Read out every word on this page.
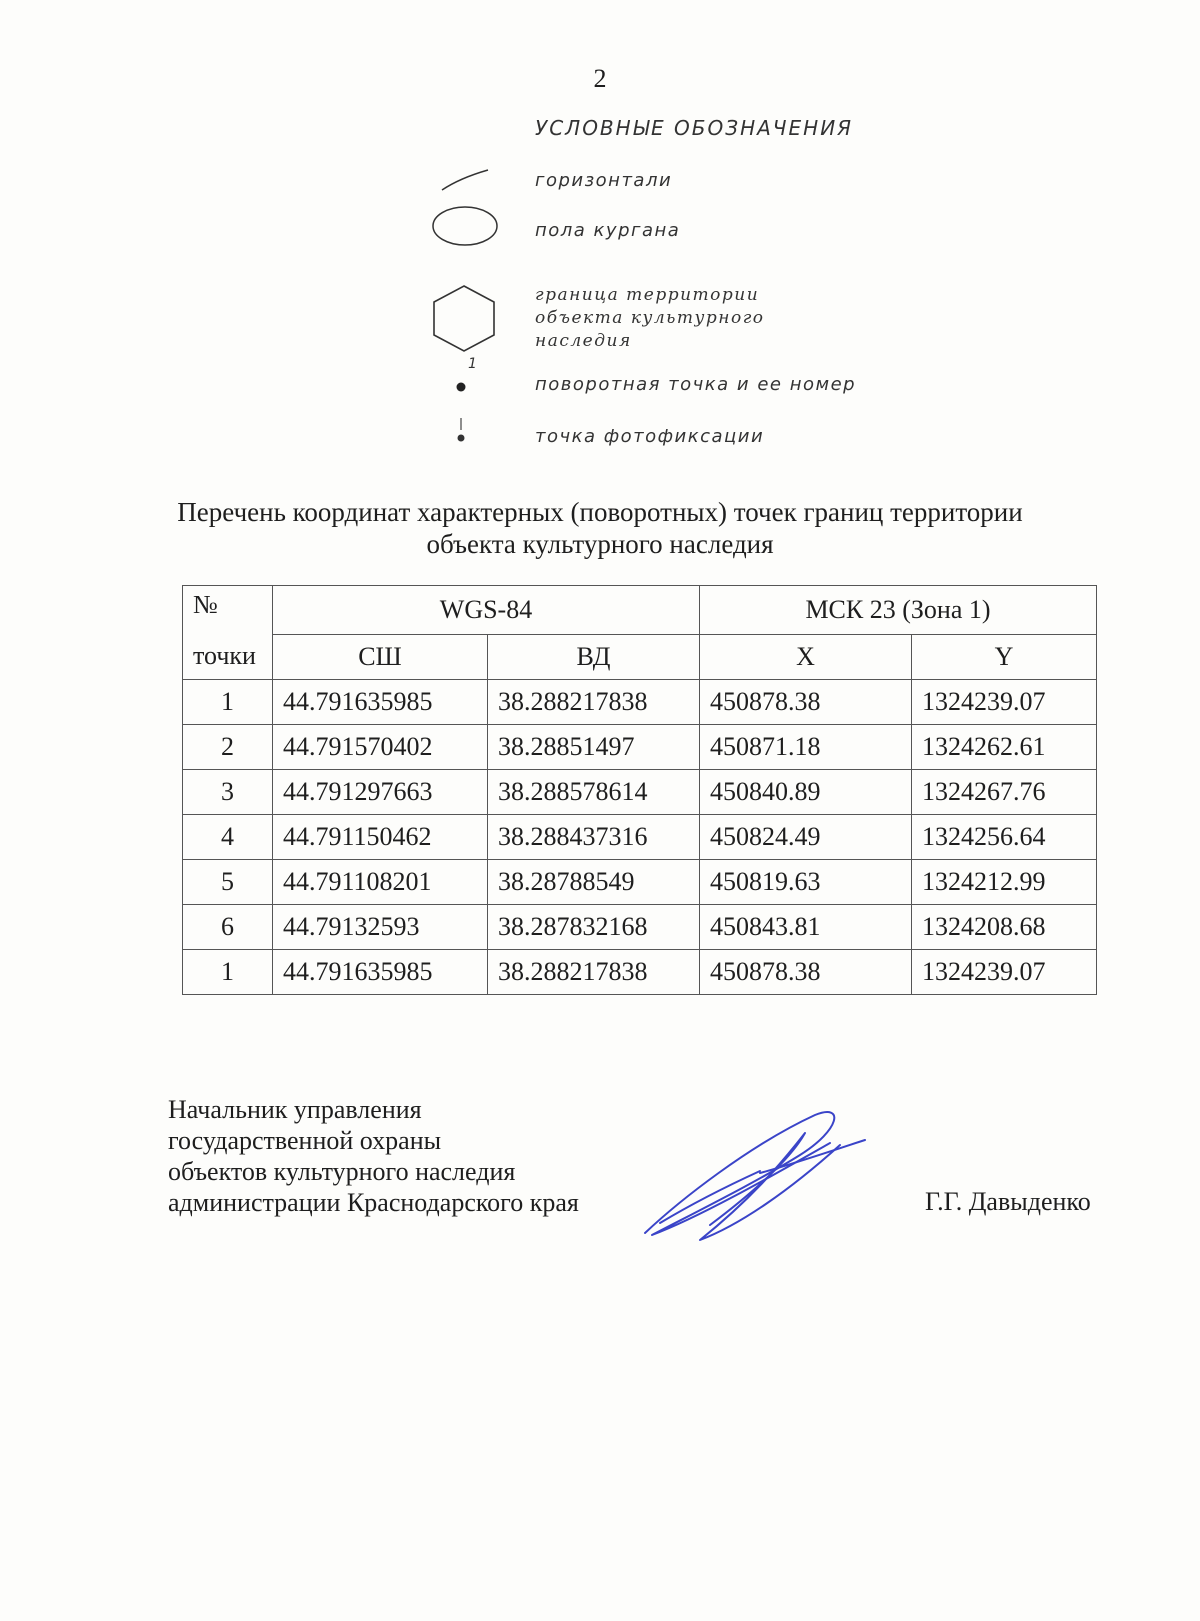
2
УСЛОВНЫЕ ОБОЗНАЧЕНИЯ
горизонтали
пола кургана
граница территории
объекта культурного
наследия
1
поворотная точка и ее номер
точка фотофиксации
Перечень координат характерных (поворотных) точек границ территории
объекта культурного наследия
№	WGS-84		МСК 23 (Зона 1)	
точки	СШ	ВД	X	Y
1	44.791635985	38.288217838	450878.38	1324239.07
2	44.791570402	38.28851497	450871.18	1324262.61
3	44.791297663	38.288578614	450840.89	1324267.76
4	44.791150462	38.288437316	450824.49	1324256.64
5	44.791108201	38.28788549	450819.63	1324212.99
6	44.79132593	38.287832168	450843.81	1324208.68
1	44.791635985	38.288217838	450878.38	1324239.07
Начальник управления
государственной охраны
объектов культурного наследия
администрации Краснодарского края	Г.Г. Давыденко
